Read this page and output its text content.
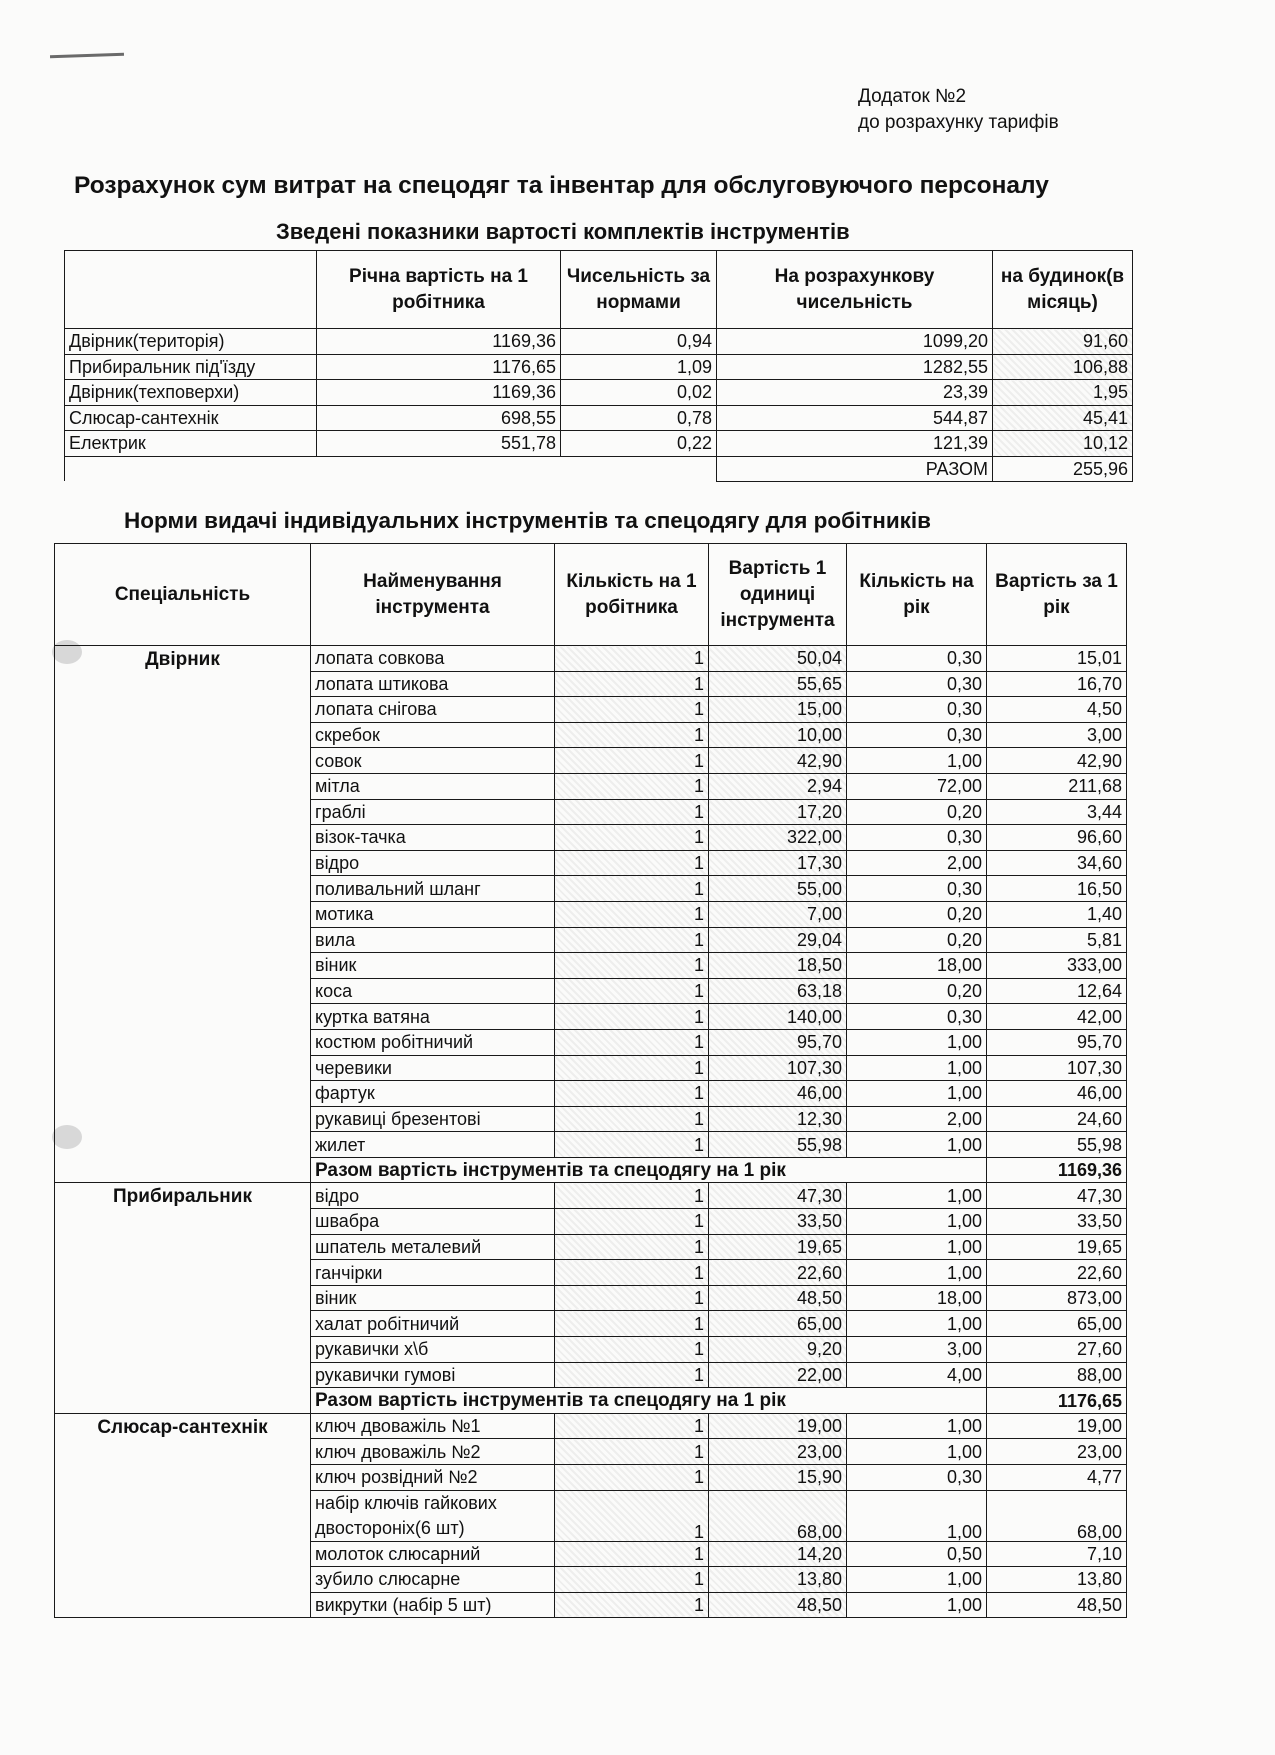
Додаток №2
до розрахунку тарифів
Розрахунок сум витрат на спецодяг та інвентар для обслуговуючого персоналу
Зведені показники вартості комплектів інструментів
	Річна вартість на 1 робітника	Чисельність за нормами	На розрахункову чисельність	на будинок(в місяць)
Двірник(територія)	1169,36	0,94	1099,20	91,60
Прибиральник під'їзду	1176,65	1,09	1282,55	106,88
Двірник(техповерхи)	1169,36	0,02	23,39	1,95
Слюсар-сантехнік	698,55	0,78	544,87	45,41
Електрик	551,78	0,22	121,39	10,12
			РАЗОМ	255,96
Норми видачі індивідуальних інструментів та спецодягу для робітників
Спеціальність	Найменування інструмента	Кількість на 1 робітника	Вартість 1 одиниці інструмента	Кількість на рік	Вартість за 1 рік
Двірник	лопата совкова	1	50,04	0,30	15,01
	лопата штикова	1	55,65	0,30	16,70
	лопата снігова	1	15,00	0,30	4,50
	скребок	1	10,00	0,30	3,00
	совок	1	42,90	1,00	42,90
	мітла	1	2,94	72,00	211,68
	граблі	1	17,20	0,20	3,44
	візок-тачка	1	322,00	0,30	96,60
	відро	1	17,30	2,00	34,60
	поливальний шланг	1	55,00	0,30	16,50
	мотика	1	7,00	0,20	1,40
	вила	1	29,04	0,20	5,81
	віник	1	18,50	18,00	333,00
	коса	1	63,18	0,20	12,64
	куртка ватяна	1	140,00	0,30	42,00
	костюм робітничий	1	95,70	1,00	95,70
	черевики	1	107,30	1,00	107,30
	фартук	1	46,00	1,00	46,00
	рукавиці брезентові	1	12,30	2,00	24,60
	жилет	1	55,98	1,00	55,98
	Разом вартість інструментів та спецодягу на 1 рік				1169,36
Прибиральник	відро	1	47,30	1,00	47,30
	швабра	1	33,50	1,00	33,50
	шпатель металевий	1	19,65	1,00	19,65
	ганчірки	1	22,60	1,00	22,60
	віник	1	48,50	18,00	873,00
	халат робітничий	1	65,00	1,00	65,00
	рукавички х\б	1	9,20	3,00	27,60
	рукавички гумові	1	22,00	4,00	88,00
	Разом вартість інструментів та спецодягу на 1 рік				1176,65
Слюсар-сантехнік	ключ двоважіль №1	1	19,00	1,00	19,00
	ключ двоважіль №2	1	23,00	1,00	23,00
	ключ розвідний №2	1	15,90	0,30	4,77
	набір ключів гайкових двостороніх(6 шт)	1	68,00	1,00	68,00
	молоток слюсарний	1	14,20	0,50	7,10
	зубило слюсарне	1	13,80	1,00	13,80
	викрутки (набір 5 шт)	1	48,50	1,00	48,50
